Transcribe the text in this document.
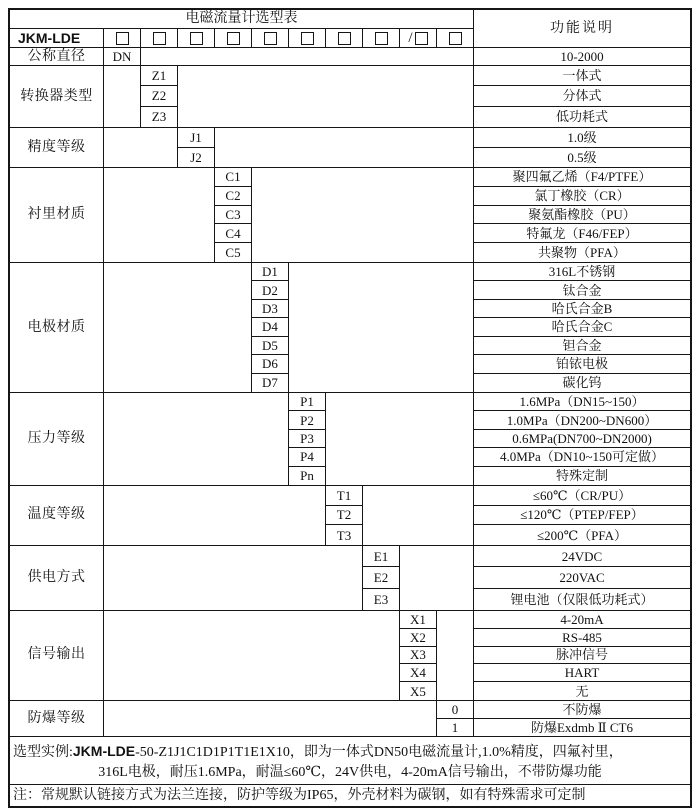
电磁流量计选型表
功能说明
JKM-LDE	/
公称直径	DN	10-2000
转换器类型
Z1	一体式
Z2	分体式
Z3	低功耗式
精度等级
J1	1.0级
J2	0.5级
衬里材质
C1	聚四氟乙烯（F4/PTFE）
C2	氯丁橡胶（CR）
C3	聚氨酯橡胶（PU）
C4	特氟龙（F46/FEP）
C5	共聚物（PFA）
电极材质
D1	316L不锈钢
D2	钛合金
D3	哈氏合金B
D4	哈氏合金C
D5	钽合金
D6	铂铱电极
D7	碳化钨
压力等级
P1	1.6MPa（DN15~150）
P2	1.0MPa（DN200~DN600）
P3	0.6MPa(DN700~DN2000)
P4	4.0MPa（DN10~150可定做）
Pn	特殊定制
温度等级
T1	≤60℃（CR/PU）
T2	≤120℃（PTEP/FEP）
T3	≤200℃（PFA）
供电方式
E1	24VDC
E2	220VAC
E3	锂电池（仅限低功耗式）
信号输出
X1	4-20mA
X2	RS-485
X3	脉冲信号
X4	HART
X5	无
防爆等级
0	不防爆
1	防爆Exdmb Ⅱ CT6
选型实例:JKM-LDE-50-Z1J1C1D1P1T1E1X10，即为一体式DN50电磁流量计,1.0%精度，四氟衬里，
316L电极，耐压1.6MPa，耐温≤60℃，24V供电，4-20mA信号输出，不带防爆功能
注：常规默认链接方式为法兰连接，防护等级为IP65，外壳材料为碳钢，如有特殊需求可定制
